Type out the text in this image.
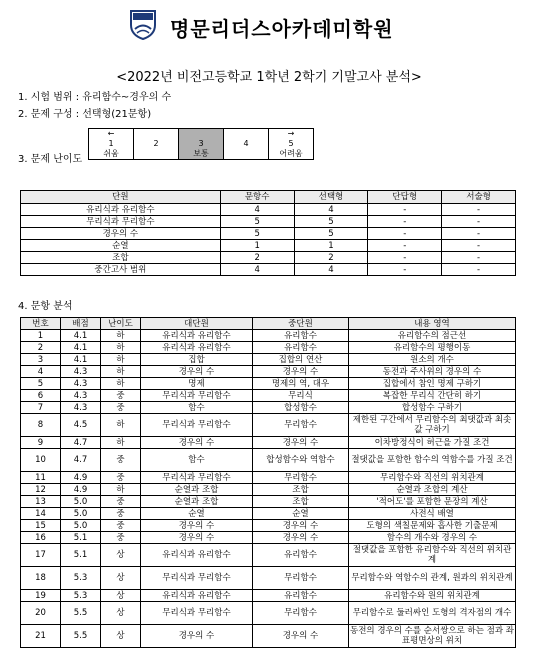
명문리더스아카데미학원
<2022년 비전고등학교 1학년 2학기 기말고사 분석>
1. 시험 범위 : 유리함수~경우의 수
2. 문제 구성 : 선택형(21문항)
3. 문제 난이도
←
1
쉬움	
2	3
보통	
4
	→
5
어려움
단원	문항수	선택형	단답형	서술형
유리식과 유리함수	4	4	-	-
무리식과 무리함수	5	5	-	-
경우의 수	5	5	-	-
순열	1	1	-	-
조합	2	2	-	-
중간고사 범위	4	4	-	-
4. 문항 분석
번호	배점	난이도	대단원	중단원	내용 영역
1	4.1	하	유리식과 유리함수	유리함수	유리함수의 점근선
2	4.1	하	유리식과 유리함수	유리함수	유리함수의 평행이동
3	4.1	하	집합	집합의 연산	원소의 개수
4	4.3	하	경우의 수	경우의 수	동전과 주사위의 경우의 수
5	4.3	하	명제	명제의 역, 대우	집합에서 참인 명제 구하기
6	4.3	중	무리식과 무리함수	무리식	복잡한 무리식 간단히 하기
7	4.3	중	함수	합성함수	합성함수 구하기
8	4.5	하	무리식과 무리함수	무리함수	제한된 구간에서 무리함수의 최댓값과 최솟값 구하기
9	4.7	하	경우의 수	경우의 수	이차방정식이 허근을 가질 조건
10	4.7	중	함수	합성함수와 역함수	절댓값을 포함한 함수의 역함수를 가질 조건
11	4.9	중	무리식과 무리함수	무리함수	무리함수와 직선의 위치관계
12	4.9	하	순열과 조합	조합	순열과 조합의 계산
13	5.0	중	순열과 조합	조합	'적어도'를 포함한 문장의 계산
14	5.0	중	순열	순열	사전식 배열
15	5.0	중	경우의 수	경우의 수	도형의 색칠문제와 흡사한 기출문제
16	5.1	중	경우의 수	경우의 수	함수의 개수와 경우의 수
17	5.1	상	유리식과 유리함수	유리함수	절댓값을 포함한 유리함수와 직선의 위치관계
18	5.3	상	무리식과 무리함수	무리함수	무리함수와 역함수의 관계, 원과의 위치관계
19	5.3	상	유리식과 유리함수	유리함수	유리함수와 원의 위치관계
20	5.5	상	무리식과 무리함수	무리함수	무리함수로 둘러싸인 도형의 격자점의 개수
21	5.5	상	경우의 수	경우의 수	동전의 경우의 수를 순서쌍으로 하는 점과 좌표평면상의 위치
